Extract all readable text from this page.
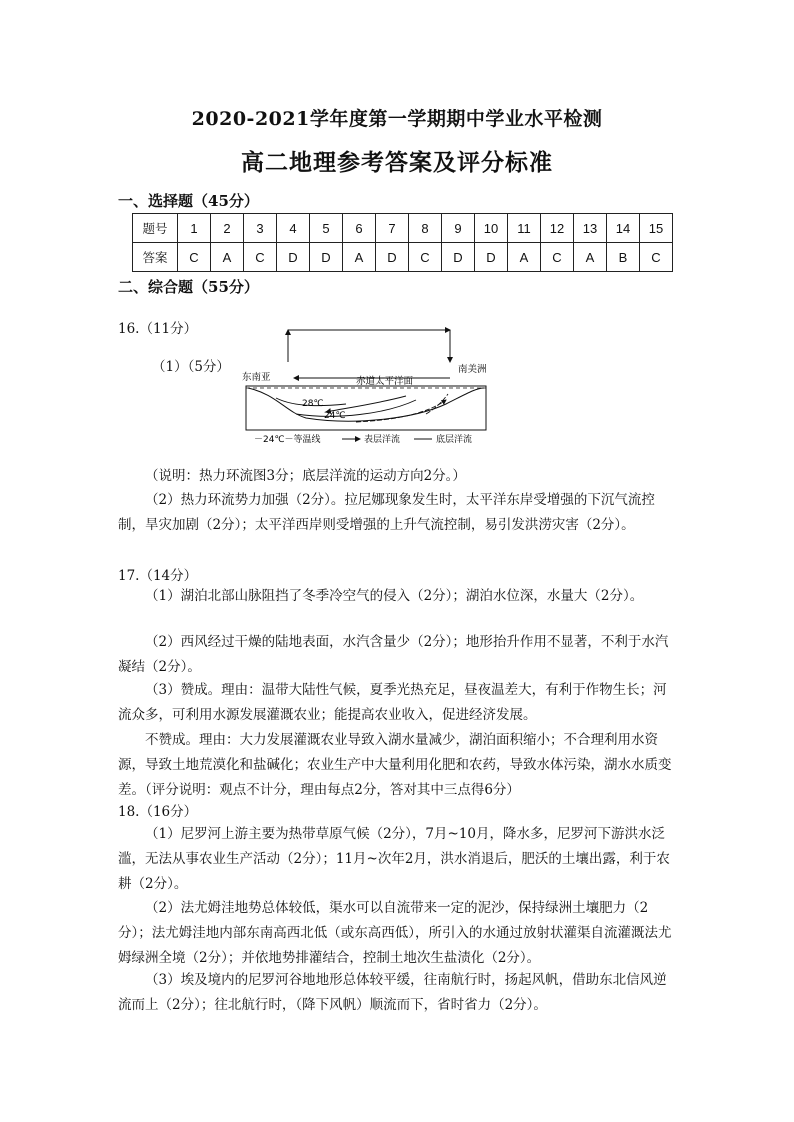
2020-2021学年度第一学期期中学业水平检测
高二地理参考答案及评分标准
一、选择题（45分）
题号	1	2	3	4	5	6	7	8	9	10	11	12	13	14	15
答案	C	A	C	D	D	A	D	C	D	D	A	C	A	B	C
二、综合题（55分）
16.（11分）
（1）（5分）
东南亚
南美洲
赤道太平洋面
28℃
24℃
－24℃－等温线	表层洋流	底层洋流
（说明：热力环流图3分；底层洋流的运动方向2分。）
（2）热力环流势力加强（2分）。拉尼娜现象发生时，太平洋东岸受增强的下沉气流控制，旱灾加剧（2分）；太平洋西岸则受增强的上升气流控制，易引发洪涝灾害（2分）。
17.（14分）
（1）湖泊北部山脉阻挡了冬季冷空气的侵入（2分）；湖泊水位深，水量大（2分）。
（2）西风经过干燥的陆地表面，水汽含量少（2分）；地形抬升作用不显著，不利于水汽凝结（2分）。
（3）赞成。理由：温带大陆性气候，夏季光热充足，昼夜温差大，有利于作物生长；河流众多，可利用水源发展灌溉农业；能提高农业收入，促进经济发展。
不赞成。理由：大力发展灌溉农业导致入湖水量减少，湖泊面积缩小；不合理利用水资源，导致土地荒漠化和盐碱化；农业生产中大量利用化肥和农药，导致水体污染，湖水水质变差。（评分说明：观点不计分，理由每点2分，答对其中三点得6分）
18.（16分）
（1）尼罗河上游主要为热带草原气候（2分），7月~10月，降水多，尼罗河下游洪水泛滥，无法从事农业生产活动（2分）；11月~次年2月，洪水消退后，肥沃的土壤出露，利于农耕（2分）。
（2）法尤姆洼地势总体较低，渠水可以自流带来一定的泥沙，保持绿洲土壤肥力（2分）；法尤姆洼地内部东南高西北低（或东高西低），所引入的水通过放射状灌渠自流灌溉法尤姆绿洲全境（2分）；并依地势排灌结合，控制土地次生盐渍化（2分）。
（3）埃及境内的尼罗河谷地地形总体较平缓，往南航行时，扬起风帆，借助东北信风逆流而上（2分）；往北航行时，（降下风帆）顺流而下，省时省力（2分）。
